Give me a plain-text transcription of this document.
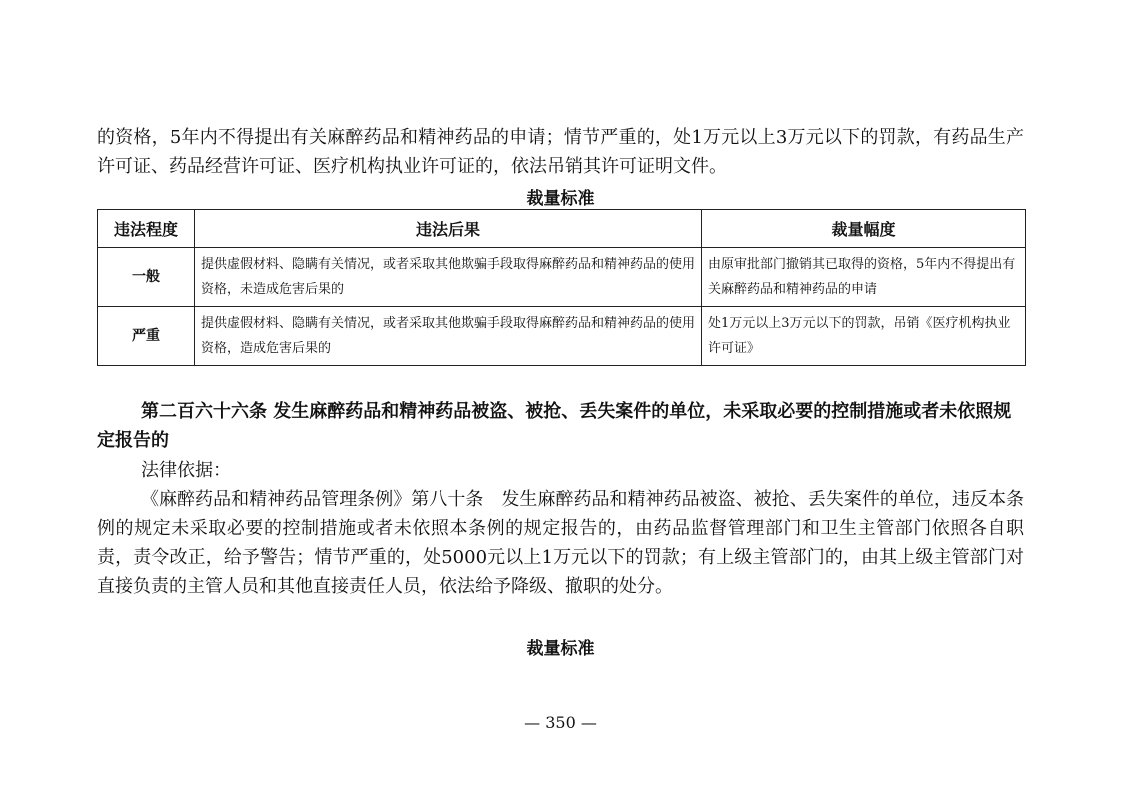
的资格，5年内不得提出有关麻醉药品和精神药品的申请；情节严重的，处1万元以上3万元以下的罚款，有药品生产许可证、药品经营许可证、医疗机构执业许可证的，依法吊销其许可证明文件。

裁量标准
违法程度	违法后果	裁量幅度
一般	提供虚假材料、隐瞒有关情况，或者采取其他欺骗手段取得麻醉药品和精神药品的使用资格，未造成危害后果的	由原审批部门撤销其已取得的资格，5年内不得提出有关麻醉药品和精神药品的申请
严重	提供虚假材料、隐瞒有关情况，或者采取其他欺骗手段取得麻醉药品和精神药品的使用资格，造成危害后果的	处1万元以上3万元以下的罚款，吊销《医疗机构执业许可证》

第二百六十六条 发生麻醉药品和精神药品被盗、被抢、丢失案件的单位，未采取必要的控制措施或者未依照规定报告的

法律依据：

《麻醉药品和精神药品管理条例》第八十条　发生麻醉药品和精神药品被盗、被抢、丢失案件的单位，违反本条例的规定未采取必要的控制措施或者未依照本条例的规定报告的，由药品监督管理部门和卫生主管部门依照各自职责，责令改正，给予警告；情节严重的，处5000元以上1万元以下的罚款；有上级主管部门的，由其上级主管部门对直接负责的主管人员和其他直接责任人员，依法给予降级、撤职的处分。

裁量标准
— 350 —
